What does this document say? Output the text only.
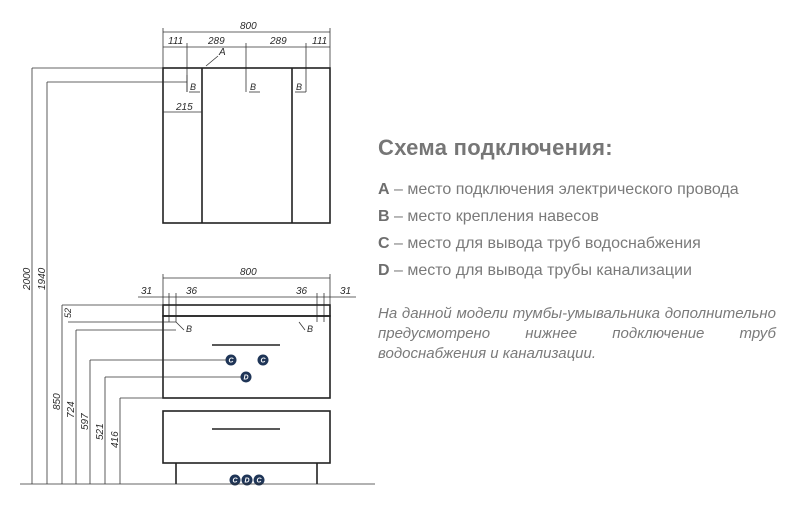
800
111 289	289	111
A
B	B	B
215
800
31	36	36	31
B	B
C	C
D
C D C
2000 1940
850
52
724
597
521 416
Схема подключения:
A – место подключения электрического провода
B – место крепления навесов
C – место для вывода труб водоснабжения
D – место для вывода трубы канализации
На данной модели тумбы-умывальника дополнительно предусмотрено нижнее подключение труб водоснабжения и канализации.
